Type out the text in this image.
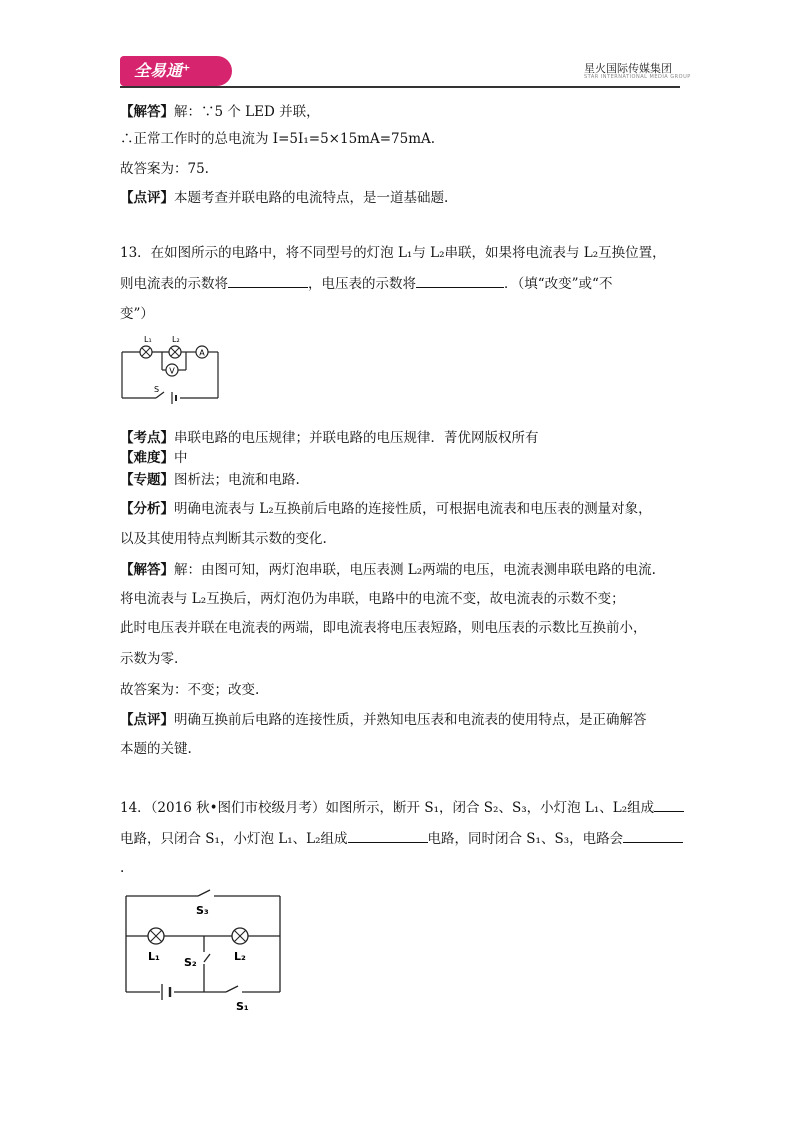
全易通⁺	星火国际传媒集团
STAR INTERNATIONAL MEDIA GROUP
【解答】解：∵5 个 LED 并联，
∴正常工作时的总电流为 I=5I₁=5×15mA=75mA.
故答案为：75.
【点评】本题考查并联电路的电流特点，是一道基础题.
13．在如图所示的电路中，将不同型号的灯泡 L₁与 L₂串联，如果将电流表与 L₂互换位置，
则电流表的示数将	，电压表的示数将	．（填“改变”或“不
变”）
A
V
L₁	L₂
S
【考点】串联电路的电压规律；并联电路的电压规律．菁优网版权所有
【难度】中
【专题】图析法；电流和电路.
【分析】明确电流表与 L₂互换前后电路的连接性质，可根据电流表和电压表的测量对象，
以及其使用特点判断其示数的变化.
【解答】解：由图可知，两灯泡串联，电压表测 L₂两端的电压，电流表测串联电路的电流.
将电流表与 L₂互换后，两灯泡仍为串联，电路中的电流不变，故电流表的示数不变；
此时电压表并联在电流表的两端，即电流表将电压表短路，则电压表的示数比互换前小，
示数为零.
故答案为：不变；改变.
【点评】明确互换前后电路的连接性质，并熟知电压表和电流表的使用特点，是正确解答
本题的关键.
14．（2016 秋•图们市校级月考）如图所示，断开 S₁，闭合 S₂、S₃，小灯泡 L₁、L₂组成
电路，只闭合 S₁，小灯泡 L₁、L₂组成	电路，同时闭合 S₁、S₃，电路会
.
S₃
L₁	L₂
S₂
S₁
